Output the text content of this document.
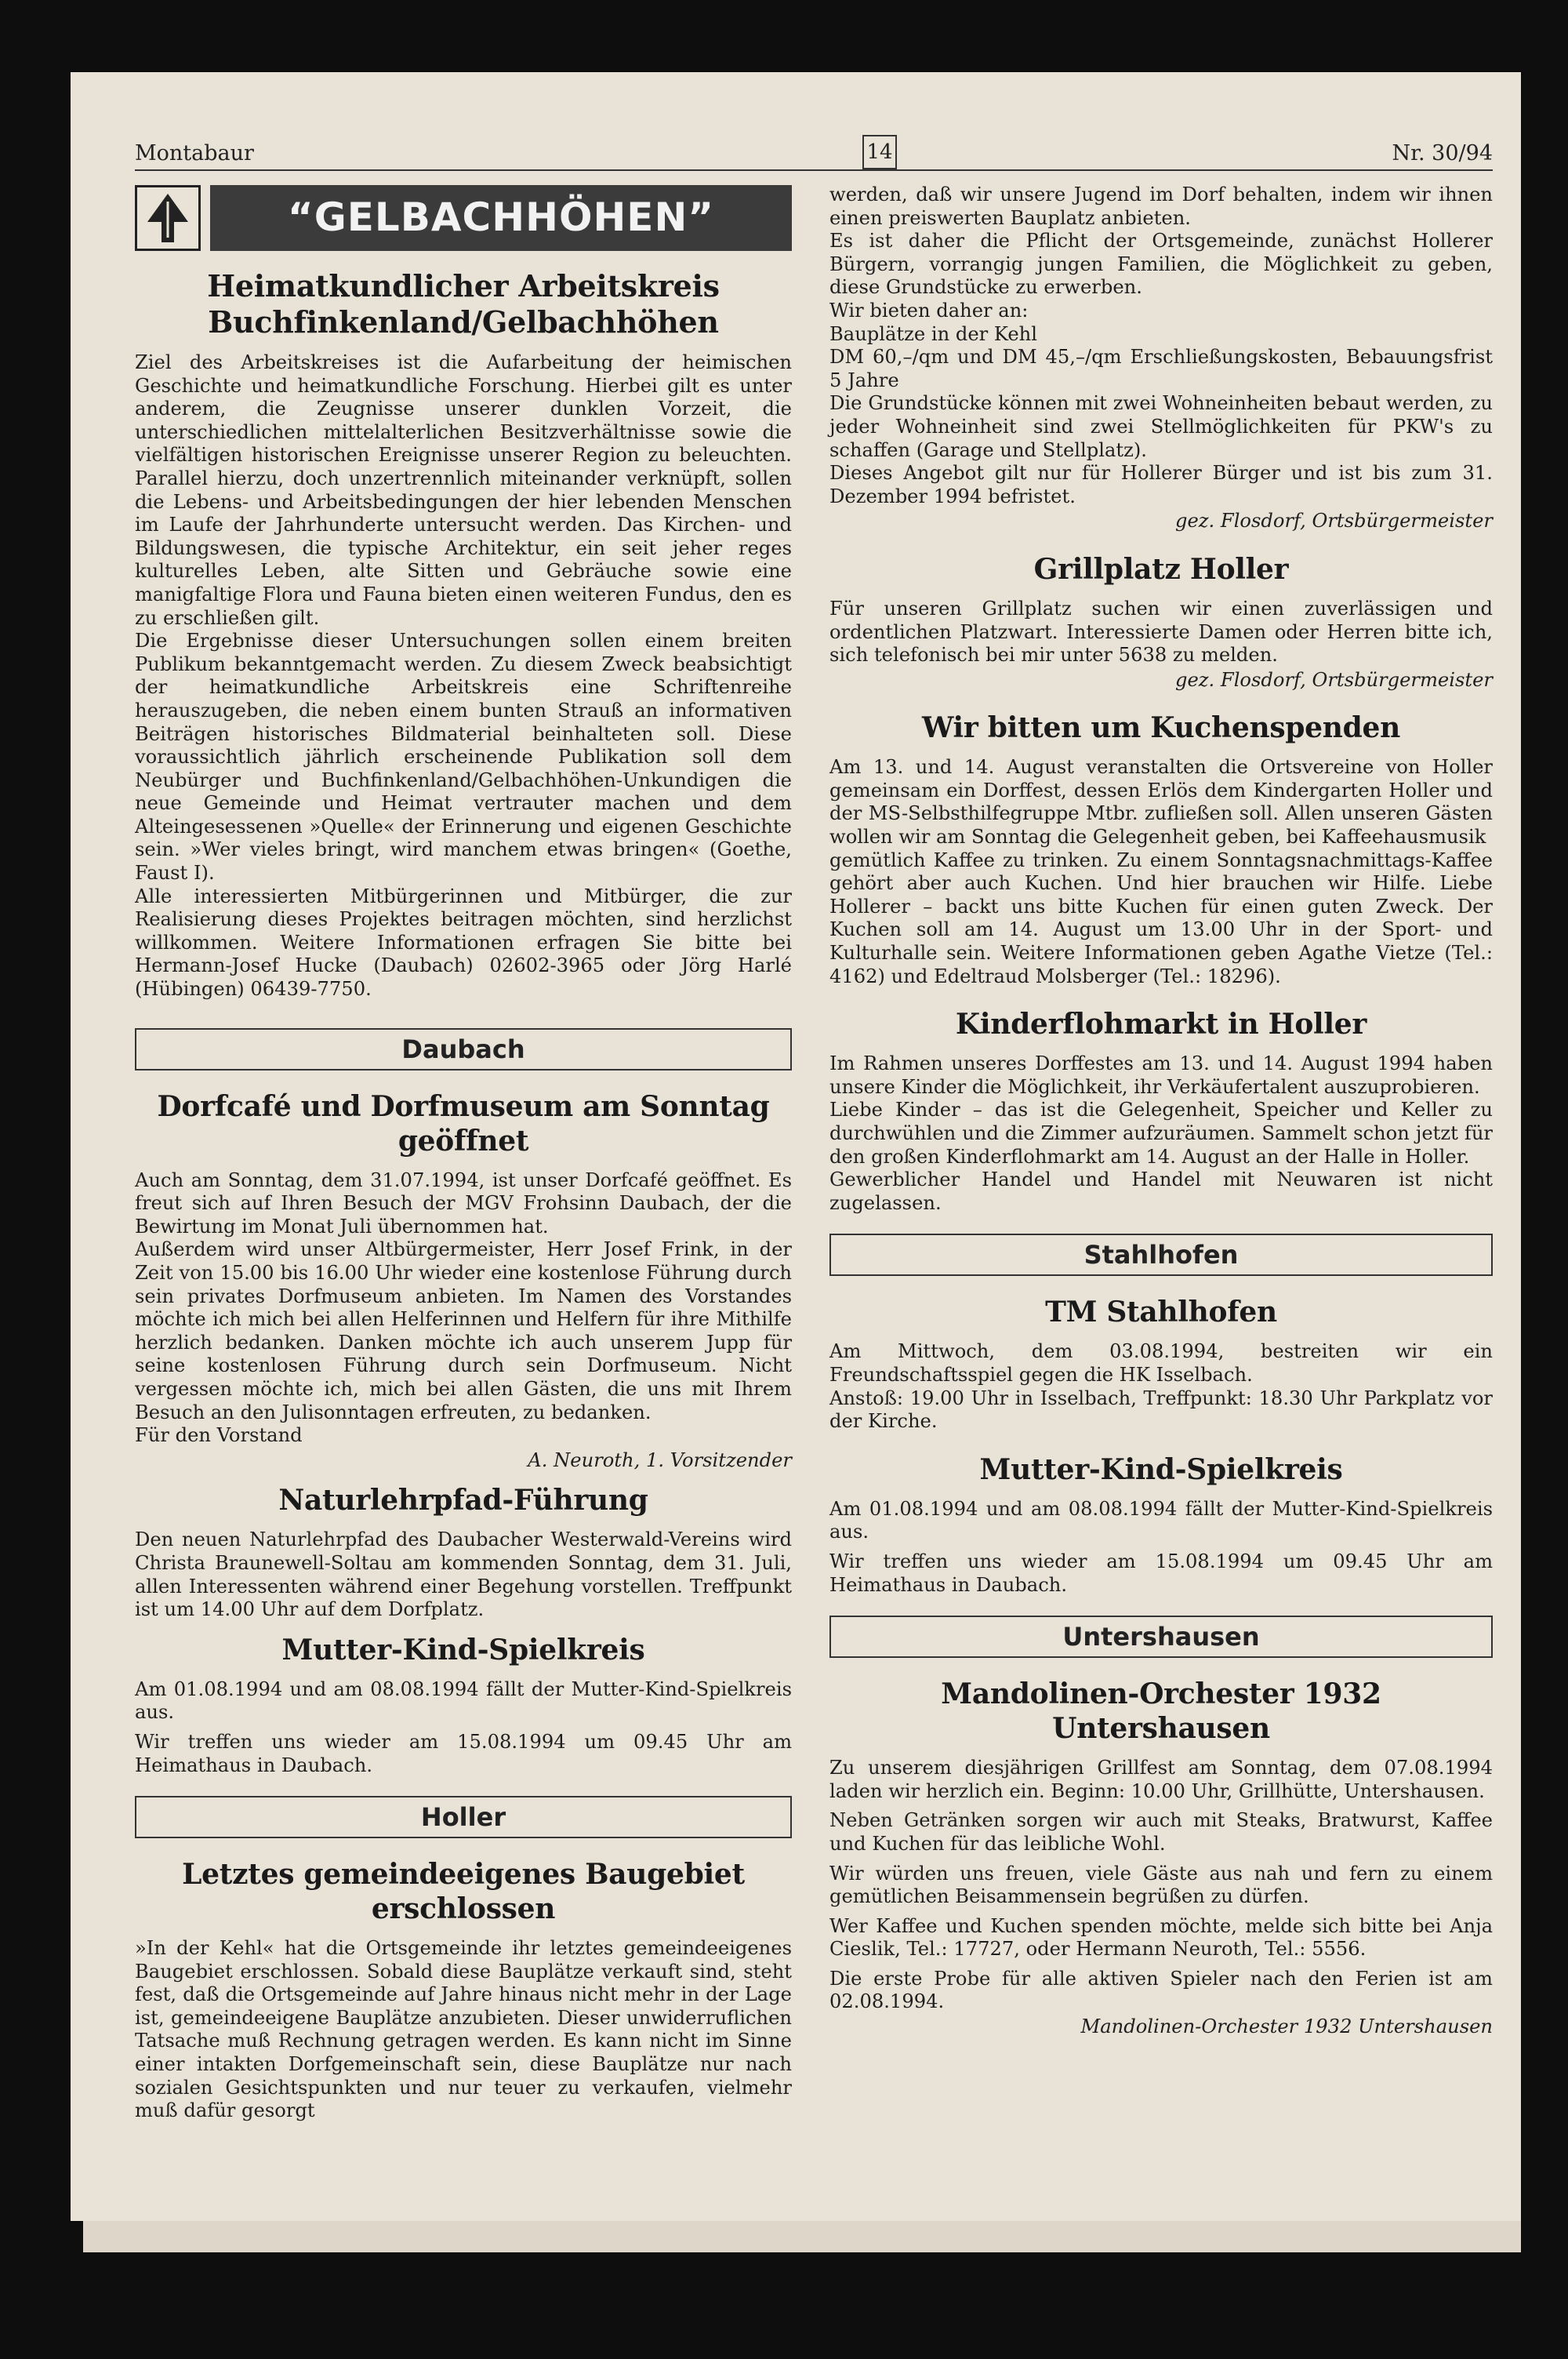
Montabaur	14	Nr. 30/94
“GELBACHHÖHEN”
Heimatkundlicher Arbeitskreis Buchfinkenland/Gelbachhöhen

Ziel des Arbeitskreises ist die Aufarbeitung der heimischen Geschichte und heimatkundliche Forschung. Hierbei gilt es unter anderem, die Zeugnisse unserer dunklen Vorzeit, die unterschiedlichen mittelalterlichen Besitzverhältnisse sowie die vielfältigen historischen Ereignisse unserer Region zu beleuchten. Parallel hierzu, doch unzertrennlich miteinander verknüpft, sollen die Lebens- und Arbeitsbedingungen der hier lebenden Menschen im Laufe der Jahrhunderte untersucht werden. Das Kirchen- und Bildungswesen, die typische Architektur, ein seit jeher reges kulturelles Leben, alte Sitten und Gebräuche sowie eine manigfaltige Flora und Fauna bieten einen weiteren Fundus, den es zu erschließen gilt.

Die Ergebnisse dieser Untersuchungen sollen einem breiten Publikum bekanntgemacht werden. Zu diesem Zweck beabsichtigt der heimatkundliche Arbeitskreis eine Schriftenreihe herauszugeben, die neben einem bunten Strauß an informativen Beiträgen historisches Bildmaterial beinhalteten soll. Diese voraussichtlich jährlich erscheinende Publikation soll dem Neubürger und Buchfinkenland/Gelbachhöhen-Unkundigen die neue Gemeinde und Heimat vertrauter machen und dem Alteingesessenen »Quelle« der Erinnerung und eigenen Geschichte sein. »Wer vieles bringt, wird manchem etwas bringen« (Goethe, Faust I).

Alle interessierten Mitbürgerinnen und Mitbürger, die zur Realisierung dieses Projektes beitragen möchten, sind herzlichst willkommen. Weitere Informationen erfragen Sie bitte bei Hermann-Josef Hucke (Daubach) 02602-3965 oder Jörg Harlé (Hübingen) 06439-7750.

Daubach
Dorfcafé und Dorfmuseum am Sonntag geöffnet

Auch am Sonntag, dem 31.07.1994, ist unser Dorfcafé geöffnet. Es freut sich auf Ihren Besuch der MGV Frohsinn Daubach, der die Bewirtung im Monat Juli übernommen hat.

Außerdem wird unser Altbürgermeister, Herr Josef Frink, in der Zeit von 15.00 bis 16.00 Uhr wieder eine kostenlose Führung durch sein privates Dorfmuseum anbieten. Im Namen des Vorstandes möchte ich mich bei allen Helferinnen und Helfern für ihre Mithilfe herzlich bedanken. Danken möchte ich auch unserem Jupp für seine kostenlosen Führung durch sein Dorfmuseum. Nicht vergessen möchte ich, mich bei allen Gästen, die uns mit Ihrem Besuch an den Julisonntagen erfreuten, zu bedanken.

Für den Vorstand

A. Neuroth, 1. Vorsitzender

Naturlehrpfad-Führung

Den neuen Naturlehrpfad des Daubacher Westerwald-Vereins wird Christa Braunewell-Soltau am kommenden Sonntag, dem 31. Juli, allen Interessenten während einer Begehung vorstellen. Treffpunkt ist um 14.00 Uhr auf dem Dorfplatz.

Mutter-Kind-Spielkreis

Am 01.08.1994 und am 08.08.1994 fällt der Mutter-Kind-Spielkreis aus.

Wir treffen uns wieder am 15.08.1994 um 09.45 Uhr am Heimathaus in Daubach.

Holler
Letztes gemeindeeigenes Baugebiet erschlossen

»In der Kehl« hat die Ortsgemeinde ihr letztes gemeindeeigenes Baugebiet erschlossen. Sobald diese Bauplätze verkauft sind, steht fest, daß die Ortsgemeinde auf Jahre hinaus nicht mehr in der Lage ist, gemeindeeigene Bauplätze anzubieten. Dieser unwiderruflichen Tatsache muß Rechnung getragen werden. Es kann nicht im Sinne einer intakten Dorfgemeinschaft sein, diese Bauplätze nur nach sozialen Gesichtspunkten und nur teuer zu verkaufen, vielmehr muß dafür gesorgt

werden, daß wir unsere Jugend im Dorf behalten, indem wir ihnen einen preiswerten Bauplatz anbieten.

Es ist daher die Pflicht der Ortsgemeinde, zunächst Hollerer Bürgern, vorrangig jungen Familien, die Möglichkeit zu geben, diese Grundstücke zu erwerben.

Wir bieten daher an:

Bauplätze in der Kehl

DM 60,–/qm und DM 45,–/qm Erschließungskosten, Bebauungsfrist 5 Jahre

Die Grundstücke können mit zwei Wohneinheiten bebaut werden, zu jeder Wohneinheit sind zwei Stellmöglichkeiten für PKW's zu schaffen (Garage und Stellplatz).

Dieses Angebot gilt nur für Hollerer Bürger und ist bis zum 31. Dezember 1994 befristet.

gez. Flosdorf, Ortsbürgermeister

Grillplatz Holler

Für unseren Grillplatz suchen wir einen zuverlässigen und ordentlichen Platzwart. Interessierte Damen oder Herren bitte ich, sich telefonisch bei mir unter 5638 zu melden.

gez. Flosdorf, Ortsbürgermeister

Wir bitten um Kuchenspenden

Am 13. und 14. August veranstalten die Ortsvereine von Holler gemeinsam ein Dorffest, dessen Erlös dem Kindergarten Holler und der MS-Selbsthilfegruppe Mtbr. zufließen soll. Allen unseren Gästen wollen wir am Sonntag die Gelegenheit geben, bei Kaffeehausmusik

gemütlich Kaffee zu trinken. Zu einem Sonntagsnachmittags-Kaffee gehört aber auch Kuchen. Und hier brauchen wir Hilfe. Liebe Hollerer – backt uns bitte Kuchen für einen guten Zweck. Der Kuchen soll am 14. August um 13.00 Uhr in der Sport- und Kulturhalle sein. Weitere Informationen geben Agathe Vietze (Tel.: 4162) und Edeltraud Molsberger (Tel.: 18296).

Kinderflohmarkt in Holler

Im Rahmen unseres Dorffestes am 13. und 14. August 1994 haben unsere Kinder die Möglichkeit, ihr Verkäufertalent auszuprobieren.

Liebe Kinder – das ist die Gelegenheit, Speicher und Keller zu durchwühlen und die Zimmer aufzuräumen. Sammelt schon jetzt für den großen Kinderflohmarkt am 14. August an der Halle in Holler.

Gewerblicher Handel und Handel mit Neuwaren ist nicht zugelassen.

Stahlhofen
TM Stahlhofen

Am Mittwoch, dem 03.08.1994, bestreiten wir ein Freundschaftsspiel gegen die HK Isselbach.

Anstoß: 19.00 Uhr in Isselbach, Treffpunkt: 18.30 Uhr Parkplatz vor der Kirche.

Mutter-Kind-Spielkreis

Am 01.08.1994 und am 08.08.1994 fällt der Mutter-Kind-Spielkreis aus.

Wir treffen uns wieder am 15.08.1994 um 09.45 Uhr am Heimathaus in Daubach.

Untershausen
Mandolinen-Orchester 1932 Untershausen

Zu unserem diesjährigen Grillfest am Sonntag, dem 07.08.1994 laden wir herzlich ein. Beginn: 10.00 Uhr, Grillhütte, Untershausen.

Neben Getränken sorgen wir auch mit Steaks, Bratwurst, Kaffee und Kuchen für das leibliche Wohl.

Wir würden uns freuen, viele Gäste aus nah und fern zu einem gemütlichen Beisammensein begrüßen zu dürfen.

Wer Kaffee und Kuchen spenden möchte, melde sich bitte bei Anja Cieslik, Tel.: 17727, oder Hermann Neuroth, Tel.: 5556.

Die erste Probe für alle aktiven Spieler nach den Ferien ist am 02.08.1994.

Mandolinen-Orchester 1932 Untershausen
